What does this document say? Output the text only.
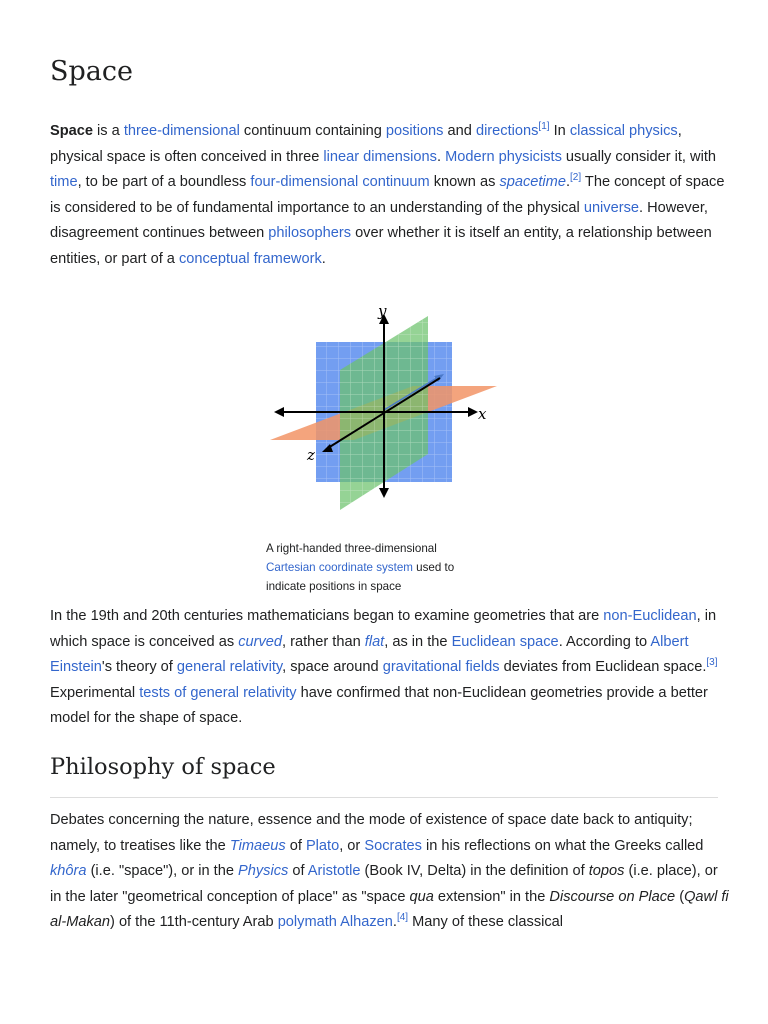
Space

Space is a three-dimensional continuum containing positions and directions[1] In classical physics, physical space is often conceived in three linear dimensions. Modern physicists usually consider it, with time, to be part of a boundless four-dimensional continuum known as spacetime.[2] The concept of space is considered to be of fundamental importance to an understanding of the physical universe. However, disagreement continues between philosophers over whether it is itself an entity, a relationship between entities, or part of a conceptual framework.

x
y
z
A right-handed three-dimensional Cartesian coordinate system used to indicate positions in space

In the 19th and 20th centuries mathematicians began to examine geometries that are non-Euclidean, in which space is conceived as curved, rather than flat, as in the Euclidean space. According to Albert Einstein's theory of general relativity, space around gravitational fields deviates from Euclidean space.[3] Experimental tests of general relativity have confirmed that non-Euclidean geometries provide a better model for the shape of space.

Philosophy of space

Debates concerning the nature, essence and the mode of existence of space date back to antiquity; namely, to treatises like the Timaeus of Plato, or Socrates in his reflections on what the Greeks called khôra (i.e. "space"), or in the Physics of Aristotle (Book IV, Delta) in the definition of topos (i.e. place), or in the later "geometrical conception of place" as "space qua extension" in the Discourse on Place (Qawl fi al-Makan) of the 11th-century Arab polymath Alhazen.[4] Many of these classical
